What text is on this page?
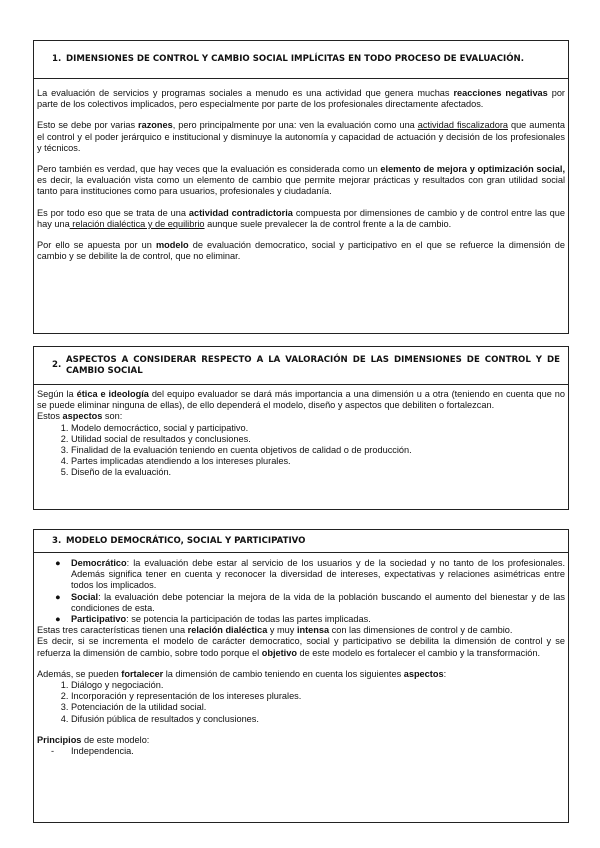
1. DIMENSIONES DE CONTROL Y CAMBIO SOCIAL IMPLÍCITAS EN TODO PROCESO DE EVALUACIÓN.

La evaluación de servicios y programas sociales a menudo es una actividad que genera muchas reacciones negativas por parte de los colectivos implicados, pero especialmente por parte de los profesionales directamente afectados.

Esto se debe por varias razones, pero principalmente por una: ven la evaluación como una actividad fiscalizadora que aumenta el control y el poder jerárquico e institucional y disminuye la autonomía y capacidad de actuación y decisión de los profesionales y técnicos.

Pero también es verdad, que hay veces que la evaluación es considerada como un elemento de mejora y optimización social, es decir, la evaluación vista como un elemento de cambio que permite mejorar prácticas y resultados con gran utilidad social tanto para instituciones como para usuarios, profesionales y ciudadanía.

Es por todo eso que se trata de una actividad contradictoria compuesta por dimensiones de cambio y de control entre las que hay una relación dialéctica y de equilibrio aunque suele prevalecer la de control frente a la de cambio.

Por ello se apuesta por un modelo de evaluación democratico, social y participativo en el que se refuerce la dimensión de cambio y se debilite la de control, que no eliminar.

2.
ASPECTOS A CONSIDERAR RESPECTO A LA VALORACIÓN DE LAS DIMENSIONES DE CONTROL Y DE CAMBIO SOCIAL

Según la ética e ideología del equipo evaluador se dará más importancia a una dimensión u a otra (teniendo en cuenta que no se puede eliminar ninguna de ellas), de ello dependerá el modelo, diseño y aspectos que debiliten o fortalezcan.

Estos aspectos son:

1. Modelo democráctico, social y participativo.
2. Utilidad social de resultados y conclusiones.
3. Finalidad de la evaluación teniendo en cuenta objetivos de calidad o de producción.
4. Partes implicadas atendiendo a los intereses plurales.
5. Diseño de la evaluación.
3. MODELO DEMOCRÁTICO, SOCIAL Y PARTICIPATIVO
● Democrático: la evaluación debe estar al servicio de los usuarios y de la sociedad y no tanto de los profesionales. Además significa tener en cuenta y reconocer la diversidad de intereses, expectativas y relaciones asimétricas entre todos los implicados.
● Social: la evaluación debe potenciar la mejora de la vida de la población buscando el aumento del bienestar y de las condiciones de esta.
● Participativo: se potencia la participación de todas las partes implicadas.

Estas tres características tienen una relación dialéctica y muy intensa con las dimensiones de control y de cambio.

Es decir, si se incrementa el modelo de carácter democratico, social y participativo se debilita la dimensión de control y se refuerza la dimensión de cambio, sobre todo porque el objetivo de este modelo es fortalecer el cambio y la transformación.

Además, se pueden fortalecer la dimensión de cambio teniendo en cuenta los siguientes aspectos:

1. Diálogo y negociación.
2. Incorporación y representación de los intereses plurales.
3. Potenciación de la utilidad social.
4. Difusión pública de resultados y conclusiones.

Principios de este modelo:

- Independencia.
